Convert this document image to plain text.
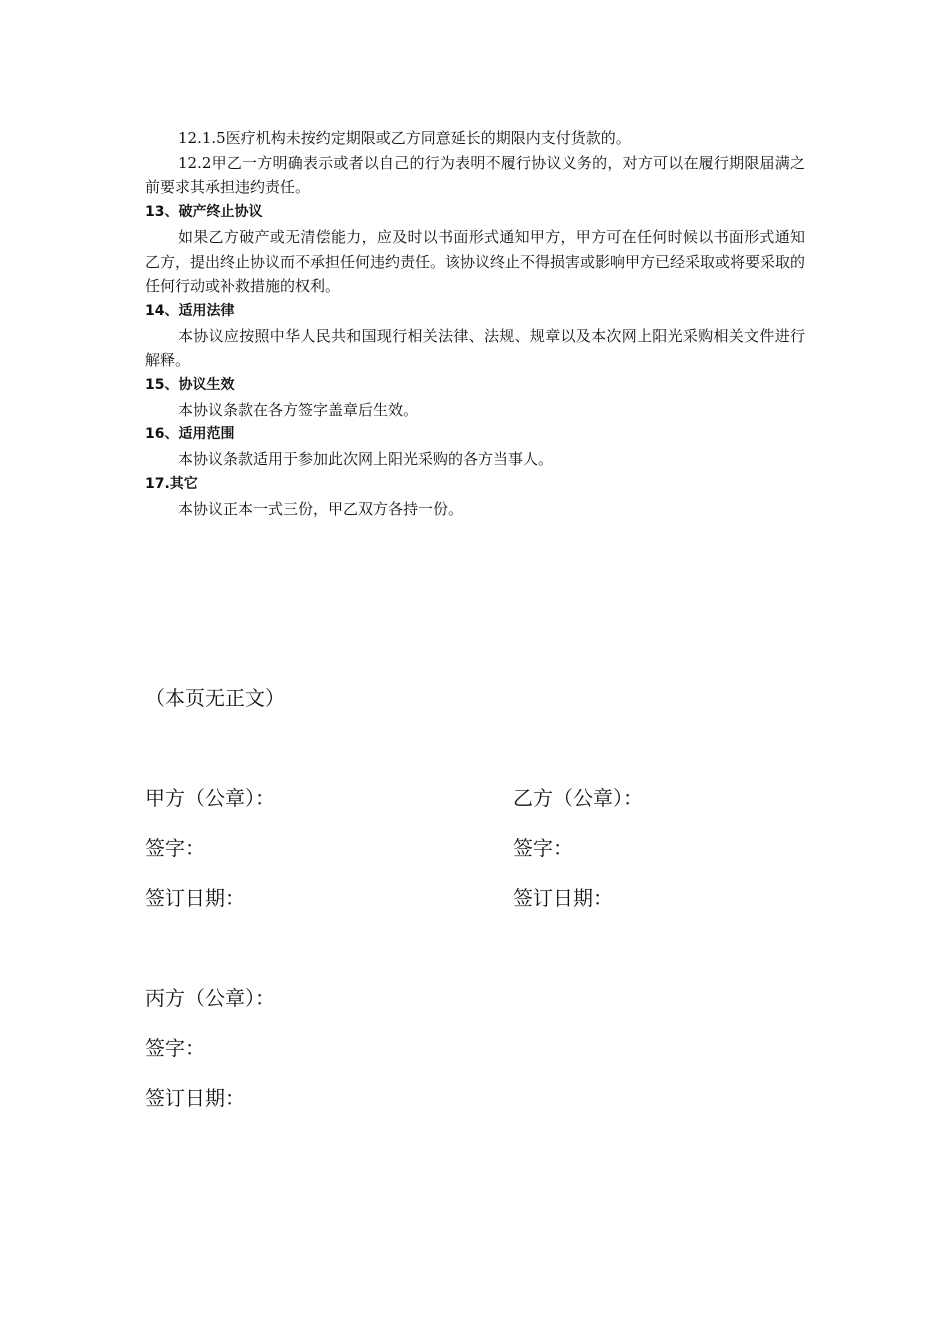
12.1.5医疗机构未按约定期限或乙方同意延长的期限内支付货款的。

12.2甲乙一方明确表示或者以自己的行为表明不履行协议义务的，对方可以在履行期限届满之前要求其承担违约责任。

13、破产终止协议

如果乙方破产或无清偿能力，应及时以书面形式通知甲方，甲方可在任何时候以书面形式通知乙方，提出终止协议而不承担任何违约责任。该协议终止不得损害或影响甲方已经采取或将要采取的任何行动或补救措施的权利。

14、适用法律

本协议应按照中华人民共和国现行相关法律、法规、规章以及本次网上阳光采购相关文件进行解释。

15、协议生效

本协议条款在各方签字盖章后生效。

16、适用范围

本协议条款适用于参加此次网上阳光采购的各方当事人。

17.其它

本协议正本一式三份，甲乙双方各持一份。

（本页无正文）

甲方（公章）：

签字：

签订日期：

乙方（公章）：

签字：

签订日期：

丙方（公章）：

签字：

签订日期：
